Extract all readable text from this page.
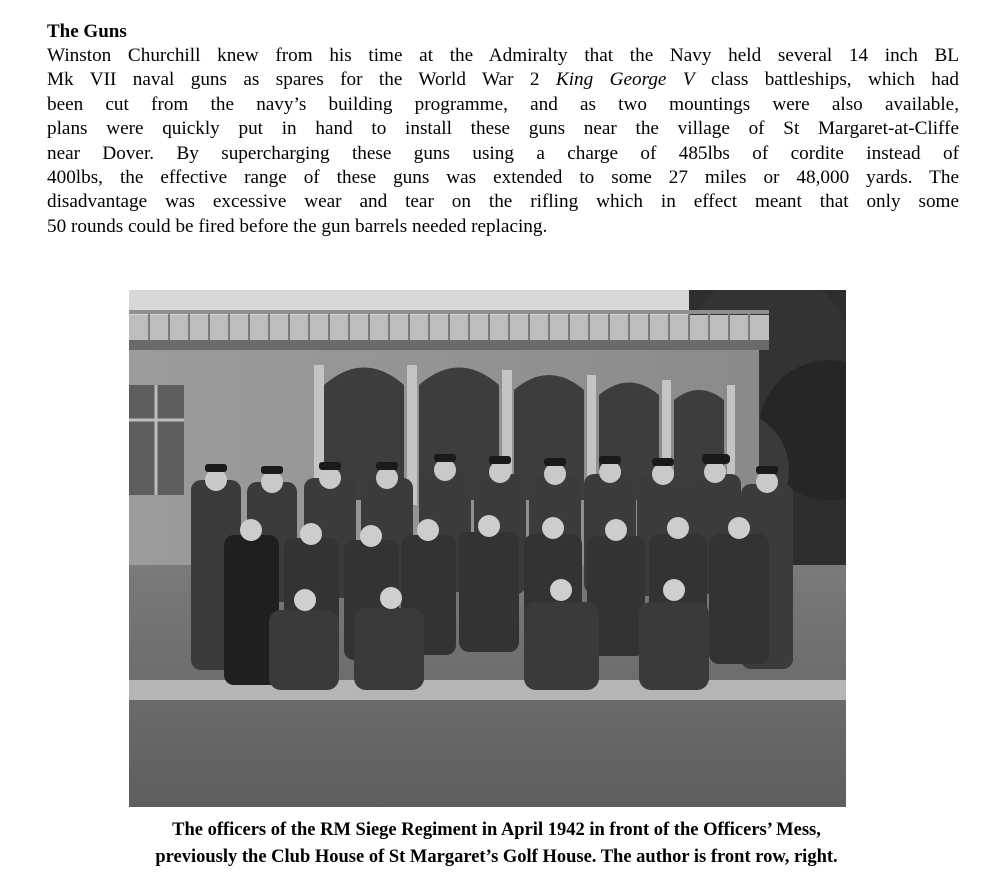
The Guns
Winston Churchill knew from his time at the Admiralty that the Navy held several 14 inch BL
Mk VII naval guns as spares for the World War 2 King George V class battleships, which had
been cut from the navy’s building programme, and as two mountings were also available,
plans were quickly put in hand to install these guns near the village of St Margaret-at-Cliffe
near Dover. By supercharging these guns using a charge of 485lbs of cordite instead of
400lbs, the effective range of these guns was extended to some 27 miles or 48,000 yards. The
disadvantage was excessive wear and tear on the rifling which in effect meant that only some
50 rounds could be fired before the gun barrels needed replacing.

The officers of the RM Siege Regiment in April 1942 in front of the Officers’ Mess,
previously the Club House of St Margaret’s Golf House. The author is front row, right.
